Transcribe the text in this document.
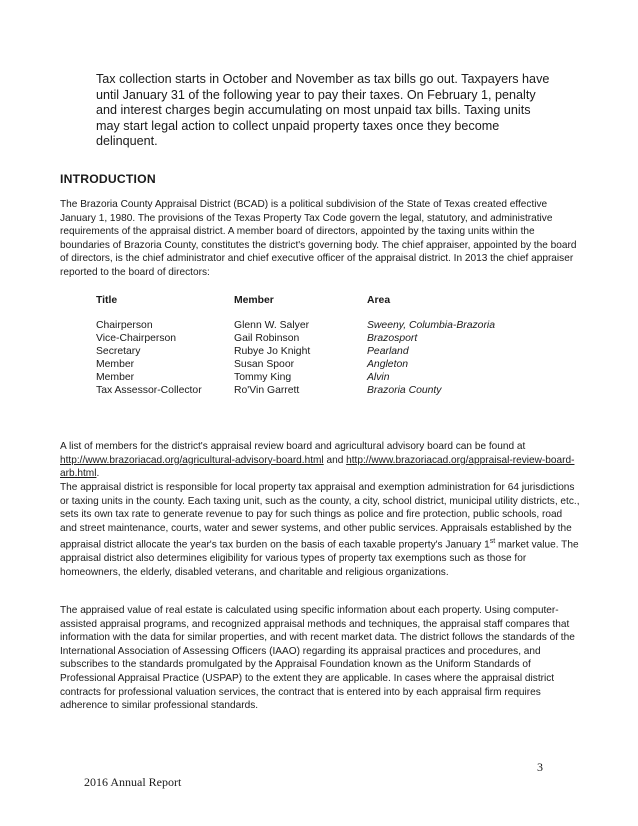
Tax collection starts in October and November as tax bills go out. Taxpayers have until January 31 of the following year to pay their taxes. On February 1, penalty and interest charges begin accumulating on most unpaid tax bills. Taxing units may start legal action to collect unpaid property taxes once they become delinquent.

INTRODUCTION

The Brazoria County Appraisal District (BCAD) is a political subdivision of the State of Texas created effective January 1, 1980. The provisions of the Texas Property Tax Code govern the legal, statutory, and administrative requirements of the appraisal district. A member board of directors, appointed by the taxing units within the boundaries of Brazoria County, constitutes the district's governing body. The chief appraiser, appointed by the board of directors, is the chief administrator and chief executive officer of the appraisal district. In 2013 the chief appraiser reported to the board of directors:

Title	Member	Area
Chairperson	Glenn W. Salyer	Sweeny, Columbia-Brazoria
Vice-Chairperson	Gail Robinson	Brazosport
Secretary	Rubye Jo Knight	Pearland
Member	Susan Spoor	Angleton
Member	Tommy King	Alvin
Tax Assessor-Collector	Ro'Vin Garrett	Brazoria County

A list of members for the district's appraisal review board and agricultural advisory board can be found at http://www.brazoriacad.org/agricultural-advisory-board.html and http://www.brazoriacad.org/appraisal-review-board-arb.html.

The appraisal district is responsible for local property tax appraisal and exemption administration for 64 jurisdictions or taxing units in the county. Each taxing unit, such as the county, a city, school district, municipal utility districts, etc., sets its own tax rate to generate revenue to pay for such things as police and fire protection, public schools, road and street maintenance, courts, water and sewer systems, and other public services. Appraisals established by the appraisal district allocate the year's tax burden on the basis of each taxable property's January 1st market value. The appraisal district also determines eligibility for various types of property tax exemptions such as those for homeowners, the elderly, disabled veterans, and charitable and religious organizations.

The appraised value of real estate is calculated using specific information about each property. Using computer-assisted appraisal programs, and recognized appraisal methods and techniques, the appraisal staff compares that information with the data for similar properties, and with recent market data. The district follows the standards of the International Association of Assessing Officers (IAAO) regarding its appraisal practices and procedures, and subscribes to the standards promulgated by the Appraisal Foundation known as the Uniform Standards of Professional Appraisal Practice (USPAP) to the extent they are applicable. In cases where the appraisal district contracts for professional valuation services, the contract that is entered into by each appraisal firm requires adherence to similar professional standards.

3
2016 Annual Report
